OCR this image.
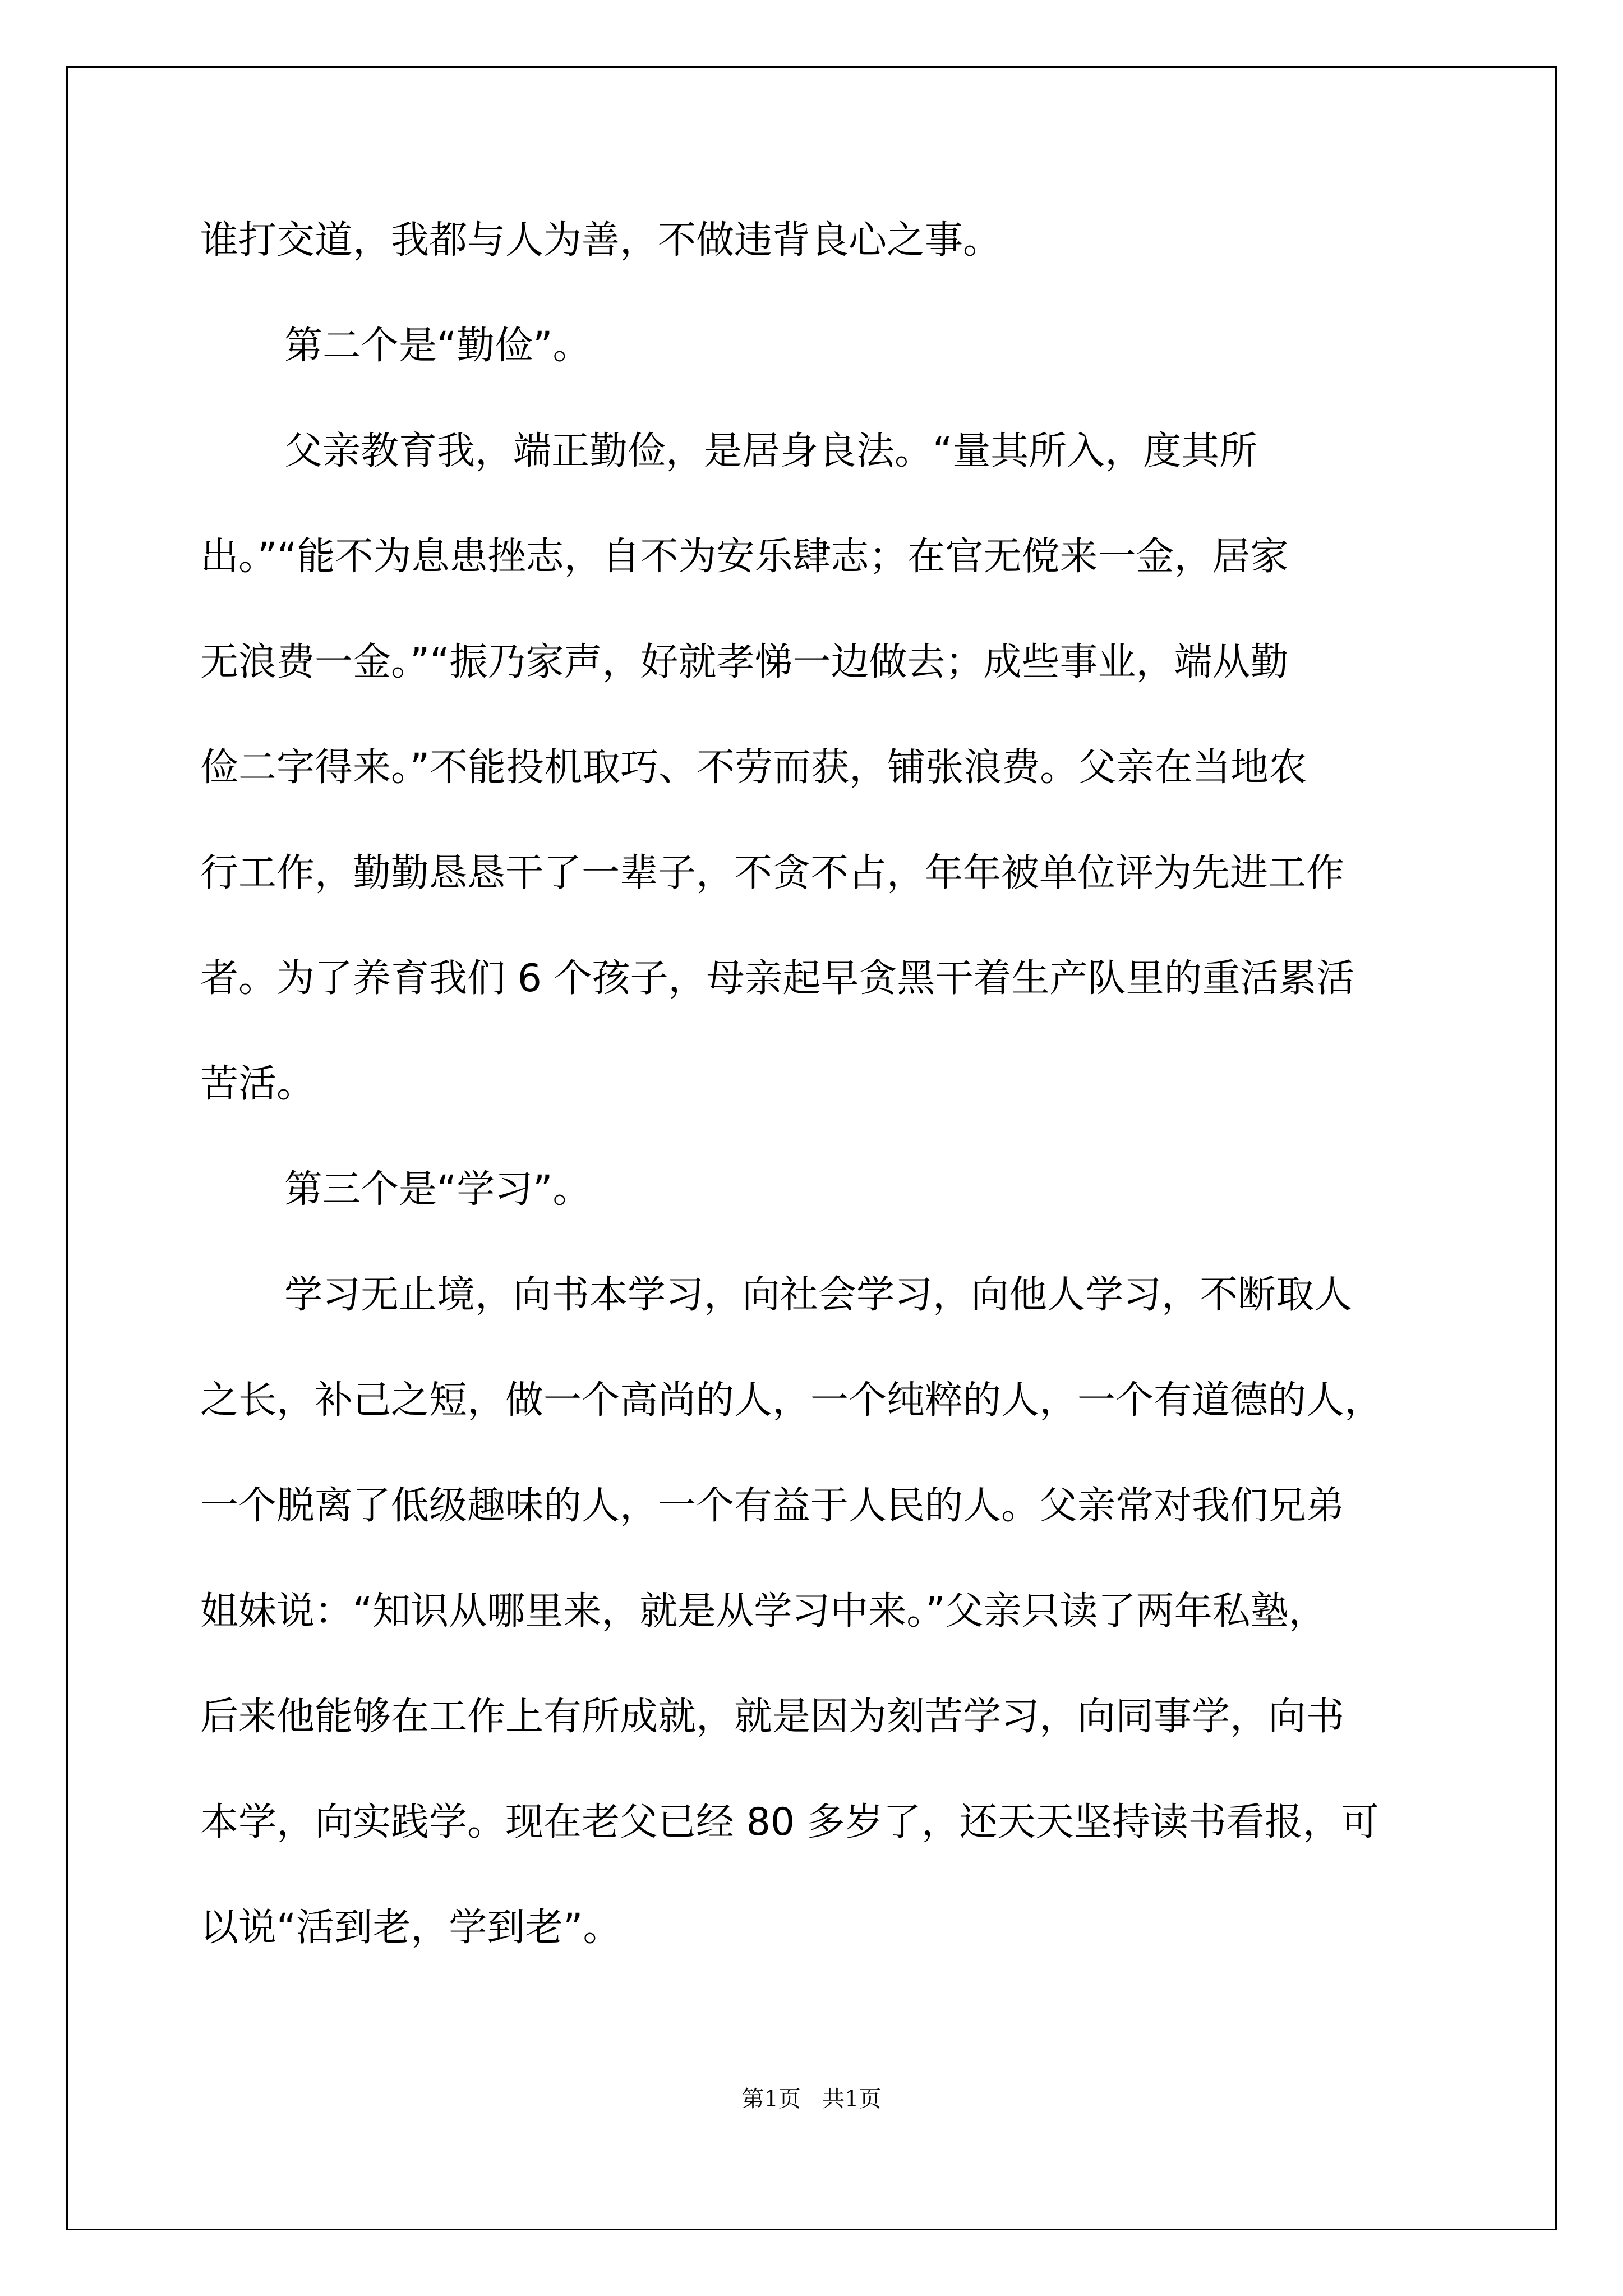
谁打交道，我都与人为善，不做违背良心之事。
第二个是“勤俭”。
父亲教育我，端正勤俭，是居身良法。“量其所入，度其所
出。”“能不为息患挫志，自不为安乐肆志；在官无傥来一金，居家
无浪费一金。”“振乃家声，好就孝悌一边做去；成些事业，端从勤
俭二字得来。”不能投机取巧、不劳而获，铺张浪费。父亲在当地农
行工作，勤勤恳恳干了一辈子，不贪不占，年年被单位评为先进工作
者。为了养育我们 6 个孩子，母亲起早贪黑干着生产队里的重活累活
苦活。
第三个是“学习”。
学习无止境，向书本学习，向社会学习，向他人学习，不断取人
之长，补己之短，做一个高尚的人，一个纯粹的人，一个有道德的人，
一个脱离了低级趣味的人，一个有益于人民的人。父亲常对我们兄弟
姐妹说：“知识从哪里来，就是从学习中来。”父亲只读了两年私塾，
后来他能够在工作上有所成就，就是因为刻苦学习，向同事学，向书
本学，向实践学。现在老父已经 80 多岁了，还天天坚持读书看报，可
以说“活到老，学到老”。
第1页   共1页
